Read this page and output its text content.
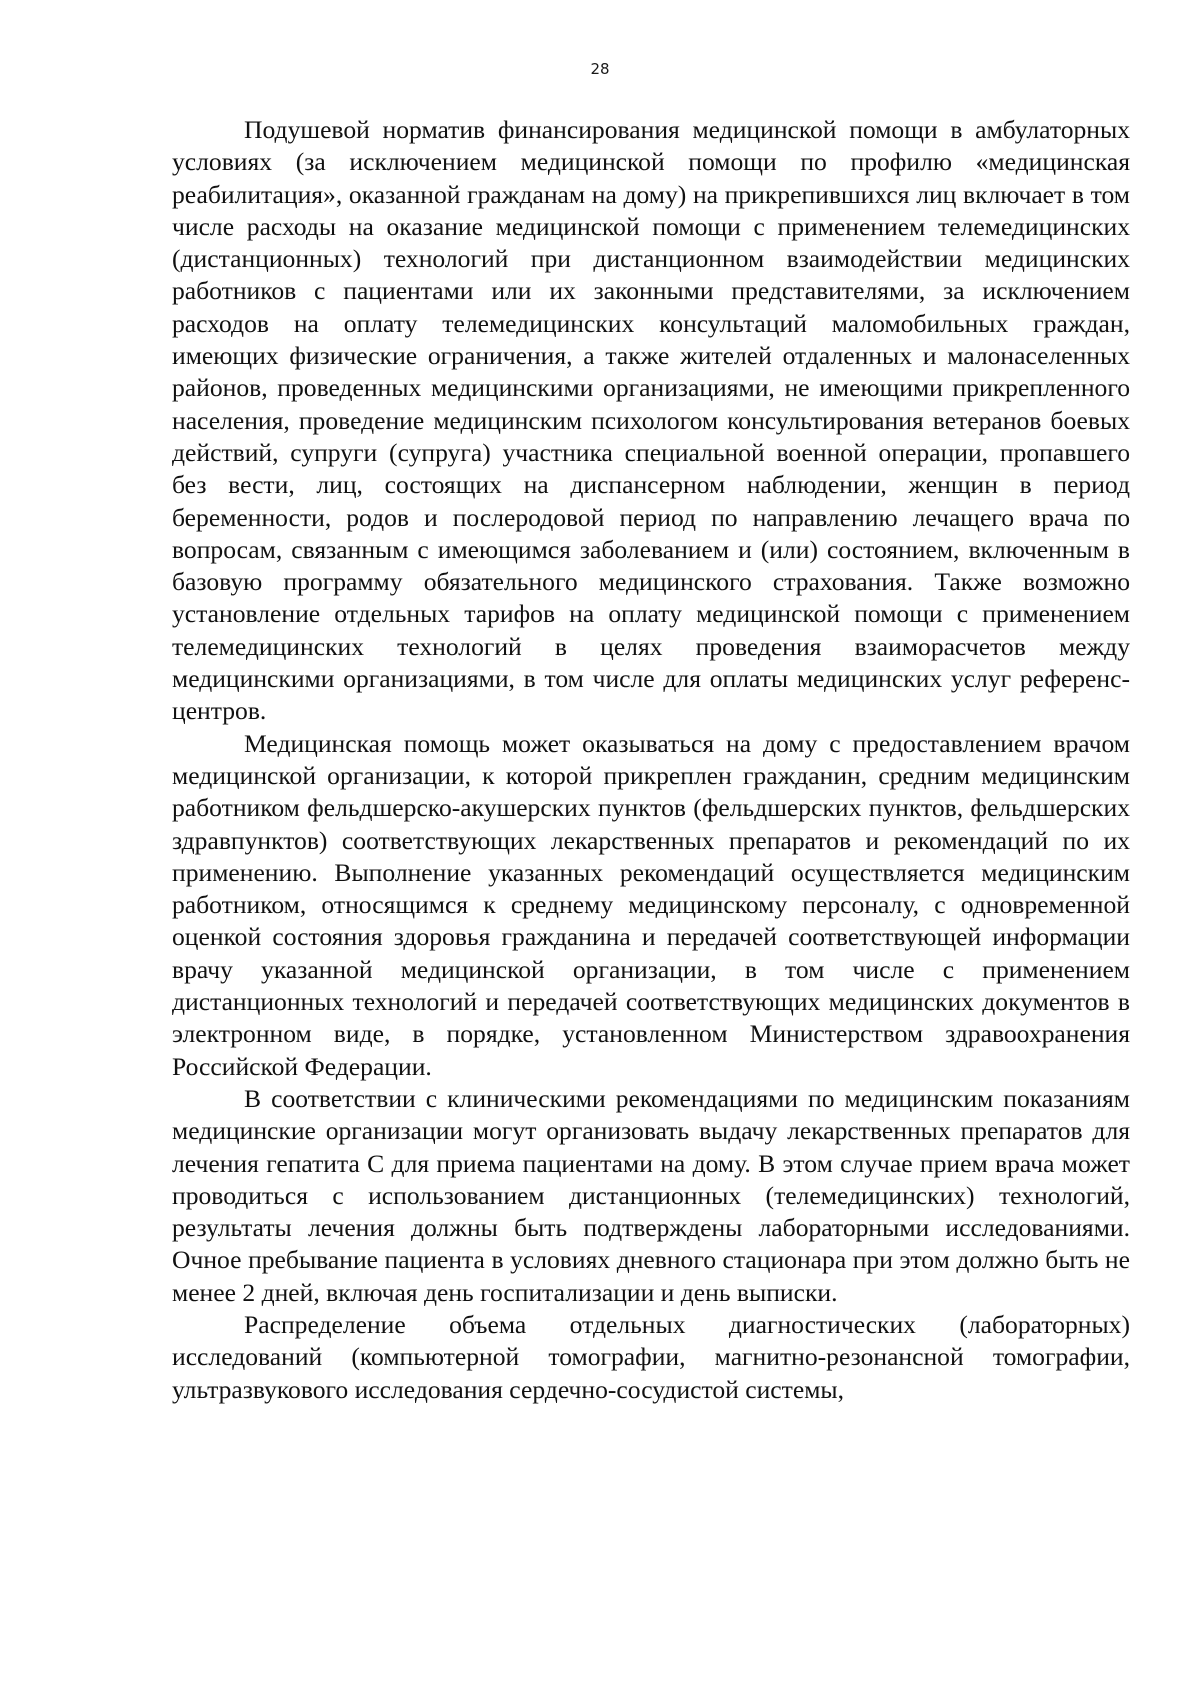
28

Подушевой норматив финансирования медицинской помощи в амбулаторных условиях (за исключением медицинской помощи по профилю «медицинская реабилитация», оказанной гражданам на дому) на прикрепившихся лиц включает в том числе расходы на оказание медицинской помощи с применением телемедицинских (дистанционных) технологий при дистанционном взаимодействии медицинских работников с пациентами или их законными представителями, за исключением расходов на оплату телемедицинских консультаций маломобильных граждан, имеющих физические ограничения, а также жителей отдаленных и малонаселенных районов, проведенных медицинскими организациями, не имеющими прикрепленного населения, проведение медицинским психологом консультирования ветеранов боевых действий, супруги (супруга) участника специальной военной операции, пропавшего без вести, лиц, состоящих на диспансерном наблюдении, женщин в период беременности, родов и послеродовой период по направлению лечащего врача по вопросам, связанным с имеющимся заболеванием и (или) состоянием, включенным в базовую программу обязательного медицинского страхования. Также возможно установление отдельных тарифов на оплату медицинской помощи с применением телемедицинских технологий в целях проведения взаиморасчетов между медицинскими организациями, в том числе для оплаты медицинских услуг референс-центров.

Медицинская помощь может оказываться на дому с предоставлением врачом медицинской организации, к которой прикреплен гражданин, средним медицинским работником фельдшерско-акушерских пунктов (фельдшерских пунктов, фельдшерских здравпунктов) соответствующих лекарственных препаратов и рекомендаций по их применению. Выполнение указанных рекомендаций осуществляется медицинским работником, относящимся к среднему медицинскому персоналу, с одновременной оценкой состояния здоровья гражданина и передачей соответствующей информации врачу указанной медицинской организации, в том числе с применением дистанционных технологий и передачей соответствующих медицинских документов в электронном виде, в порядке, установленном Министерством здравоохранения Российской Федерации.

В соответствии с клиническими рекомендациями по медицинским показаниям медицинские организации могут организовать выдачу лекарственных препаратов для лечения гепатита С для приема пациентами на дому. В этом случае прием врача может проводиться с использованием дистанционных (телемедицинских) технологий, результаты лечения должны быть подтверждены лабораторными исследованиями. Очное пребывание пациента в условиях дневного стационара при этом должно быть не менее 2 дней, включая день госпитализации и день выписки.

Распределение объема отдельных диагностических (лабораторных) исследований (компьютерной томографии, магнитно-резонансной томографии, ультразвукового исследования сердечно-сосудистой системы,
